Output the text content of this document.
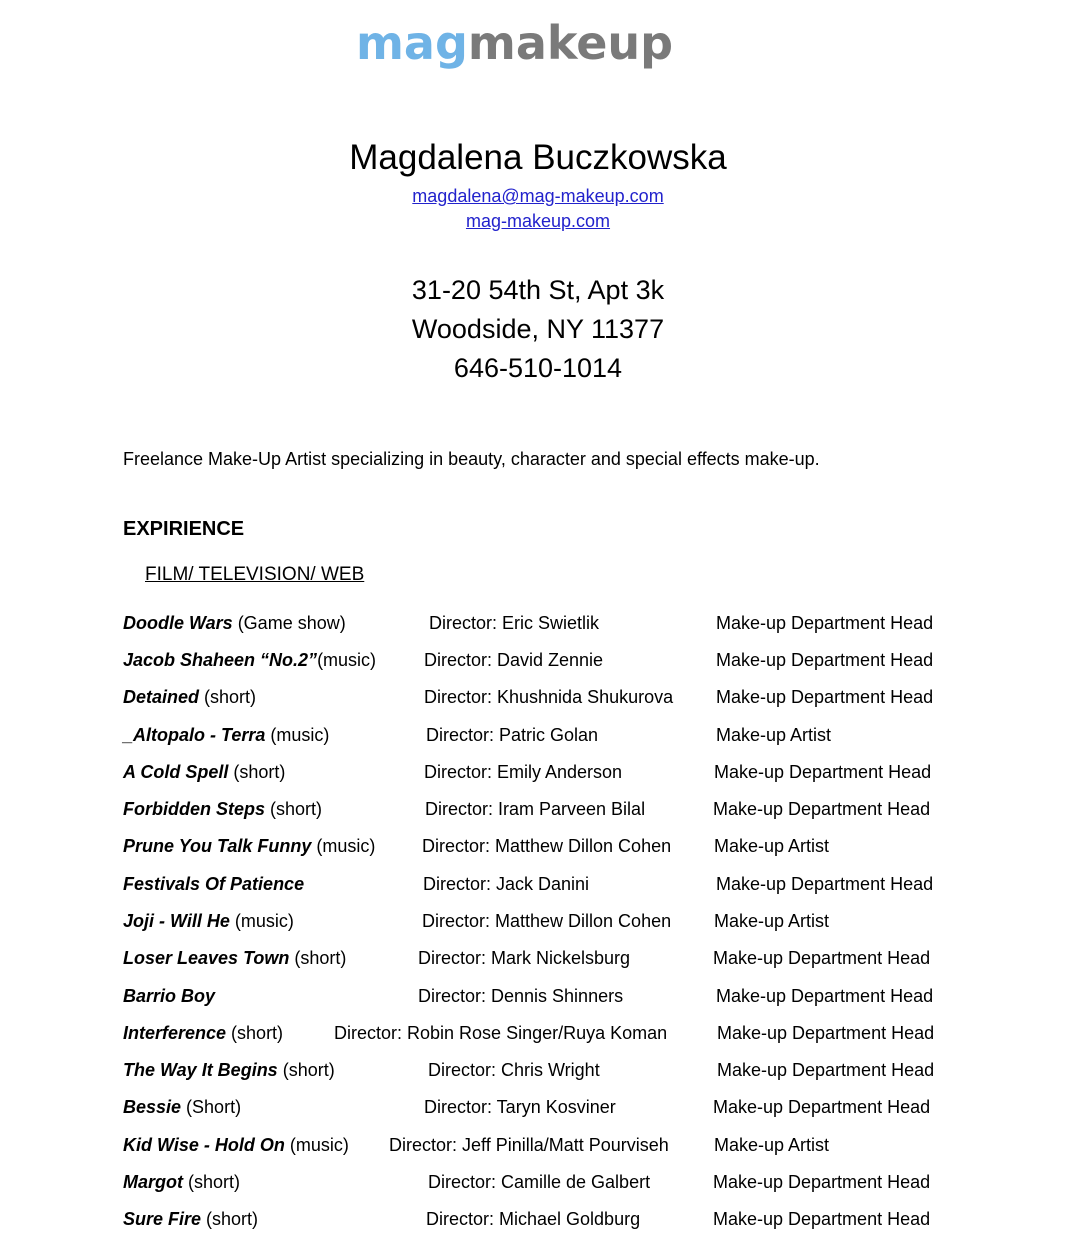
magmakeup
Magdalena Buczkowska
magdalena@mag-makeup.com
mag-makeup.com
31-20 54th St, Apt 3k
Woodside, NY 11377
646-510-1014
Freelance Make-Up Artist specializing in beauty, character and special effects make-up.
EXPIRIENCE
FILM/ TELEVISION/ WEB
Doodle Wars (Game show)	Director: Eric Swietlik	Make-up Department Head
Jacob Shaheen “No.2”(music)	Director: David Zennie	Make-up Department Head
Detained (short)	Director: Khushnida Shukurova Make-up Department Head
_Altopalo - Terra (music)	Director: Patric Golan	Make-up Artist
A Cold Spell (short)	Director: Emily Anderson	Make-up Department Head
Forbidden Steps (short)	Director: Iram Parveen Bilal	Make-up Department Head
Prune You Talk Funny (music)	Director: Matthew Dillon Cohen Make-up Artist
Festivals Of Patience	Director: Jack Danini	Make-up Department Head
Joji - Will He (music)	Director: Matthew Dillon Cohen Make-up Artist
Loser Leaves Town (short)	Director: Mark Nickelsburg	Make-up Department Head
Barrio Boy	Director: Dennis Shinners	Make-up Department Head
Interference (short)	Director: Robin Rose Singer/Ruya Koman	Make-up Department Head
The Way It Begins (short)	Director: Chris Wright	Make-up Department Head
Bessie (Short)	Director: Taryn Kosviner	Make-up Department Head
Kid Wise - Hold On (music) Director: Jeff Pinilla/Matt Pourviseh	Make-up Artist
Margot (short)	Director: Camille de Galbert	Make-up Department Head
Sure Fire (short)	Director: Michael Goldburg	Make-up Department Head
